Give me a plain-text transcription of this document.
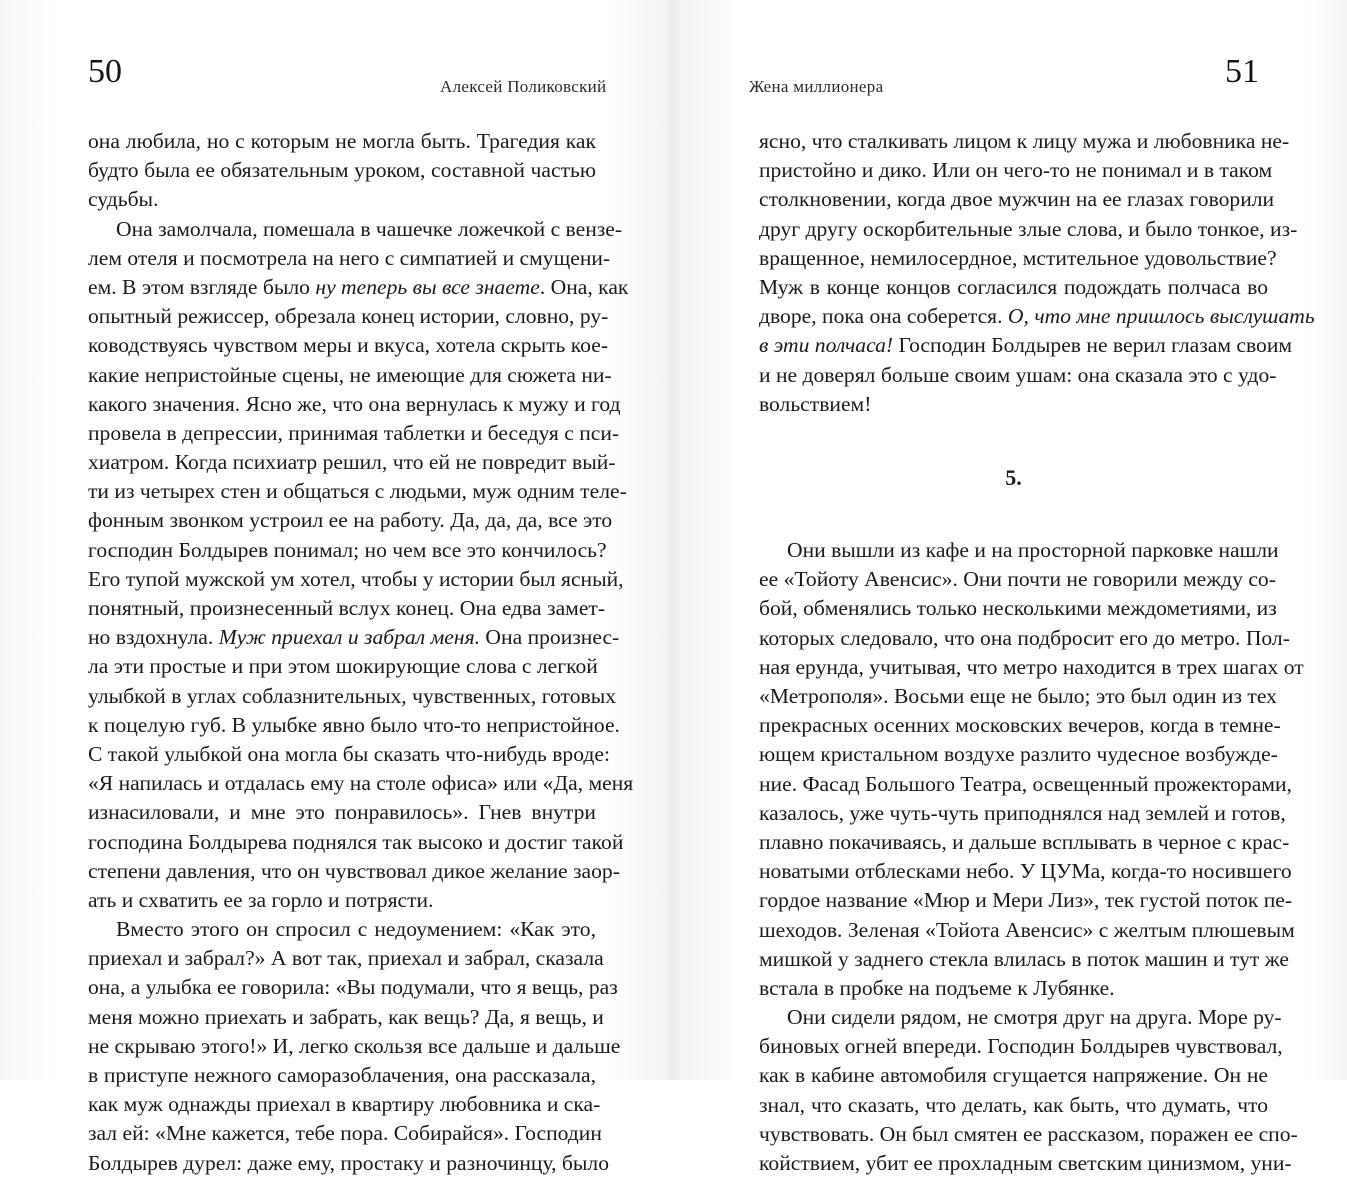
50	Алексей Поликовский
она любила, но с которым не могла быть. Трагедия как
будто была ее обязательным уроком, составной частью
судьбы.
Она замолчала, помешала в чашечке ложечкой с вензе-
лем отеля и посмотрела на него с симпатией и смущени-
ем. В этом взгляде было ну теперь вы все знаете. Она, как
опытный режиссер, обрезала конец истории, словно, ру-
ководствуясь чувством меры и вкуса, хотела скрыть кое-
какие непристойные сцены, не имеющие для сюжета ни-
какого значения. Ясно же, что она вернулась к мужу и год
провела в депрессии, принимая таблетки и беседуя с пси-
хиатром. Когда психиатр решил, что ей не повредит вый-
ти из четырех стен и общаться с людьми, муж одним теле-
фонным звонком устроил ее на работу. Да, да, да, все это
господин Болдырев понимал; но чем все это кончилось?
Его тупой мужской ум хотел, чтобы у истории был ясный,
понятный, произнесенный вслух конец. Она едва замет-
но вздохнула. Муж приехал и забрал меня. Она произнес-
ла эти простые и при этом шокирующие слова с легкой
улыбкой в углах соблазнительных, чувственных, готовых
к поцелую губ. В улыбке явно было что-то непристойное.
С такой улыбкой она могла бы сказать что-нибудь вроде:
«Я напилась и отдалась ему на столе офиса» или «Да, меня
изнасиловали, и мне это понравилось». Гнев внутри
господина Болдырева поднялся так высоко и достиг такой
степени давления, что он чувствовал дикое желание заор-
ать и схватить ее за горло и потрясти.
Вместо этого он спросил с недоумением: «Как это,
приехал и забрал?» А вот так, приехал и забрал, сказала
она, а улыбка ее говорила: «Вы подумали, что я вещь, раз
меня можно приехать и забрать, как вещь? Да, я вещь, и
не скрываю этого!» И, легко скользя все дальше и дальше
в приступе нежного саморазоблачения, она рассказала,
как муж однажды приехал в квартиру любовника и ска-
зал ей: «Мне кажется, тебе пора. Собирайся». Господин
Болдырев дурел: даже ему, простаку и разночинцу, было
51
Жена миллионера
ясно, что сталкивать лицом к лицу мужа и любовника не-
пристойно и дико. Или он чего-то не понимал и в таком
столкновении, когда двое мужчин на ее глазах говорили
друг другу оскорбительные злые слова, и было тонкое, из-
вращенное, немилосердное, мстительное удовольствие?
Муж в конце концов согласился подождать полчаса во
дворе, пока она соберется. О, что мне пришлось выслушать
в эти полчаса! Господин Болдырев не верил глазам своим
и не доверял больше своим ушам: она сказала это с удо-
вольствием!
5.
Они вышли из кафе и на просторной парковке нашли
ее «Тойоту Авенсис». Они почти не говорили между со-
бой, обменялись только несколькими междометиями, из
которых следовало, что она подбросит его до метро. Пол-
ная ерунда, учитывая, что метро находится в трех шагах от
«Метрополя». Восьми еще не было; это был один из тех
прекрасных осенних московских вечеров, когда в темне-
ющем кристальном воздухе разлито чудесное возбужде-
ние. Фасад Большого Театра, освещенный прожекторами,
казалось, уже чуть-чуть приподнялся над землей и готов,
плавно покачиваясь, и дальше всплывать в черное с крас-
новатыми отблесками небо. У ЦУМа, когда-то носившего
гордое название «Мюр и Мери Лиз», тек густой поток пе-
шеходов. Зеленая «Тойота Авенсис» с желтым плюшевым
мишкой у заднего стекла влилась в поток машин и тут же
встала в пробке на подъеме к Лубянке.
Они сидели рядом, не смотря друг на друга. Море ру-
биновых огней впереди. Господин Болдырев чувствовал,
как в кабине автомобиля сгущается напряжение. Он не
знал, что сказать, что делать, как быть, что думать, что
чувствовать. Он был смятен ее рассказом, поражен ее спо-
койствием, убит ее прохладным светским цинизмом, уни-
